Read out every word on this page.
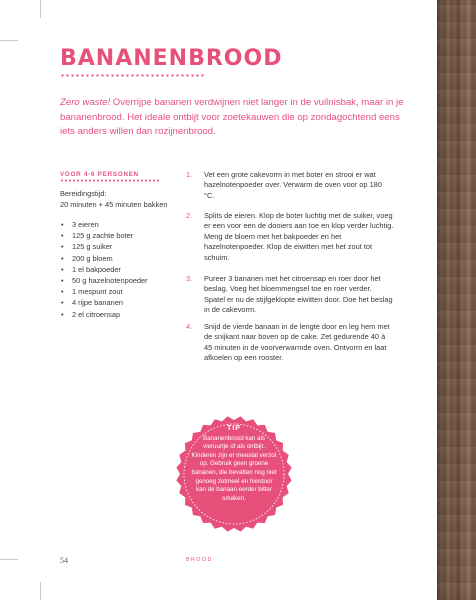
BANANENBROOD

Zero waste! Overrijpe bananen verdwijnen niet langer in de vuilnisbak, maar in je bananenbrood. Het ideale ontbijt voor zoetekauwen die op zondagochtend eens iets anders willen dan rozijnenbrood.

VOOR 4-6 PERSONEN

Bereidingstijd:
20 minuten + 45 minuten bakken
• 3 eieren
• 125 g zachte boter
• 125 g suiker
• 200 g bloem
• 1 el bakpoeder
• 50 g hazelnotenpoeder
• 1 mespunt zout
• 4 rijpe bananen
• 2 el citroensap
1. Vet een grote cakevorm in met boter en strooi er wat hazelnotenpoeder over. Verwarm de oven voor op 180 °C.
2. Splits de eieren. Klop de boter luchtig met de suiker, voeg er een voor een de dooiers aan toe en klop verder luchtig. Meng de bloem met het bakpoeder en het hazelnotenpoeder. Klop de eiwitten met het zout tot schuim.
3. Pureer 3 bananen met het citroensap en roer door het beslag. Voeg het bloemmengsel toe en roer verder. Spatel er nu de stijfgeklopte eiwitten door. Doe het beslag in de cakevorm.
4. Snijd de vierde banaan in de lengte door en leg hem met de snijkant naar boven op de cake. Zet gedurende 40 à 45 minuten in de voorverwarmde oven. Ontvorm en laat afkoelen op een rooster.
TIP
Bananenbrood kan als vieruurtje of als ontbijt. Kinderen zijn er meestal verzot op. Gebruik geen groene bananen, die bevatten nog niet genoeg zetmeel en hierdoor kan de banaan eerder bitter smaken.
54	BROOD
